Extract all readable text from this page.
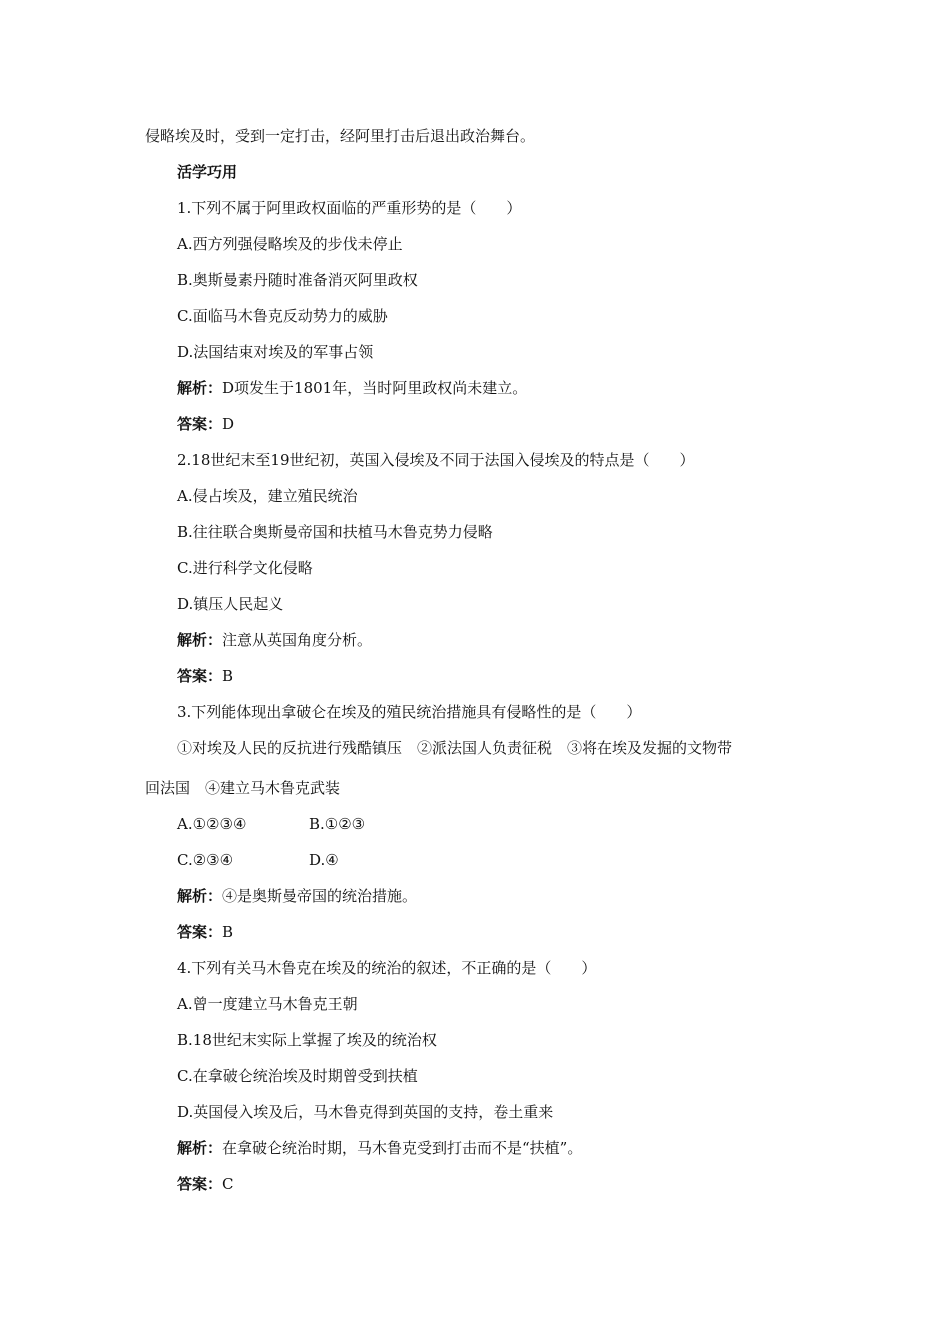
侵略埃及时，受到一定打击，经阿里打击后退出政治舞台。
活学巧用
1.下列不属于阿里政权面临的严重形势的是（　　）
A.西方列强侵略埃及的步伐未停止
B.奥斯曼素丹随时准备消灭阿里政权
C.面临马木鲁克反动势力的威胁
D.法国结束对埃及的军事占领
解析：D项发生于1801年，当时阿里政权尚未建立。
答案：D
2.18世纪末至19世纪初，英国入侵埃及不同于法国入侵埃及的特点是（　　）
A.侵占埃及，建立殖民统治
B.往往联合奥斯曼帝国和扶植马木鲁克势力侵略
C.进行科学文化侵略
D.镇压人民起义
解析：注意从英国角度分析。
答案：B
3.下列能体现出拿破仑在埃及的殖民统治措施具有侵略性的是（　　）
①对埃及人民的反抗进行残酷镇压　②派法国人负责征税　③将在埃及发掘的文物带
回法国　④建立马木鲁克武装
A.①②③④	B.①②③
C.②③④	D.④
解析：④是奥斯曼帝国的统治措施。
答案：B
4.下列有关马木鲁克在埃及的统治的叙述，不正确的是（　　）
A.曾一度建立马木鲁克王朝
B.18世纪末实际上掌握了埃及的统治权
C.在拿破仑统治埃及时期曾受到扶植
D.英国侵入埃及后，马木鲁克得到英国的支持，卷土重来
解析：在拿破仑统治时期，马木鲁克受到打击而不是“扶植”。
答案：C
